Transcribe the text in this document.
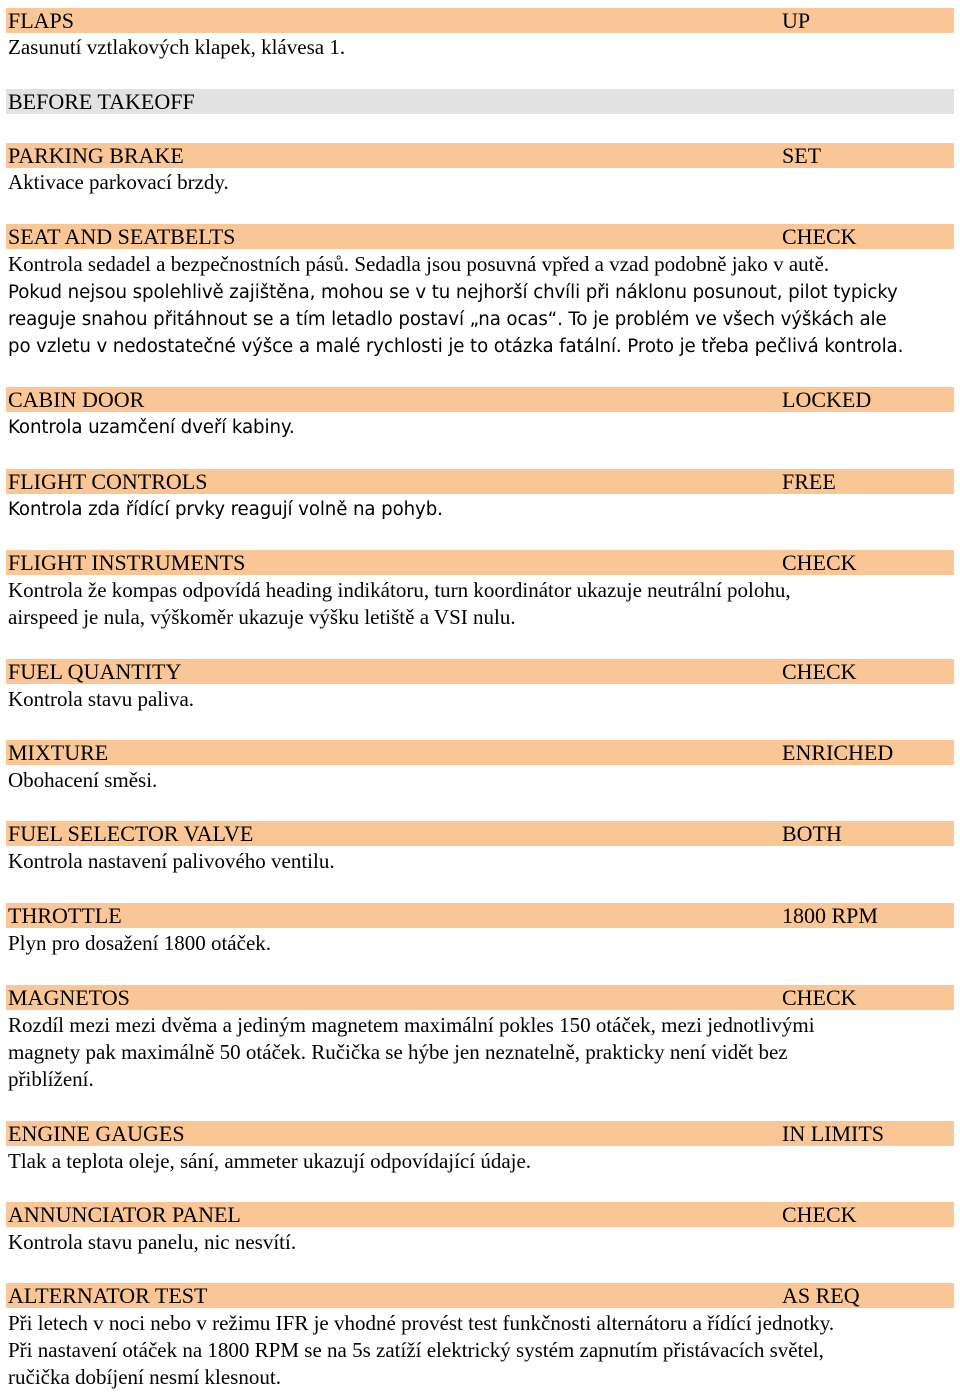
FLAPS	UP
Zasunutí vztlakových klapek, klávesa 1.
BEFORE TAKEOFF
PARKING BRAKE	SET
Aktivace parkovací brzdy.
SEAT AND SEATBELTS	CHECK
Kontrola sedadel a bezpečnostních pásů. Sedadla jsou posuvná vpřed a vzad podobně jako v autě.
Pokud nejsou spolehlivě zajištěna, mohou se v tu nejhorší chvíli při náklonu posunout, pilot typicky
reaguje snahou přitáhnout se a tím letadlo postaví „na ocas“. To je problém ve všech výškách ale
po vzletu v nedostatečné výšce a malé rychlosti je to otázka fatální. Proto je třeba pečlivá kontrola.
CABIN DOOR	LOCKED
Kontrola uzamčení dveří kabiny.
FLIGHT CONTROLS	FREE
Kontrola zda řídící prvky reagují volně na pohyb.
FLIGHT INSTRUMENTS	CHECK
Kontrola že kompas odpovídá heading indikátoru, turn koordinátor ukazuje neutrální polohu,
airspeed je nula, výškoměr ukazuje výšku letiště a VSI nulu.
FUEL QUANTITY	CHECK
Kontrola stavu paliva.
MIXTURE	ENRICHED
Obohacení směsi.
FUEL SELECTOR VALVE	BOTH
Kontrola nastavení palivového ventilu.
THROTTLE	1800 RPM
Plyn pro dosažení 1800 otáček.
MAGNETOS	CHECK
Rozdíl mezi mezi dvěma a jediným magnetem maximální pokles 150 otáček, mezi jednotlivými
magnety pak maximálně 50 otáček. Ručička se hýbe jen neznatelně, prakticky není vidět bez
přiblížení.
ENGINE GAUGES	IN LIMITS
Tlak a teplota oleje, sání, ammeter ukazují odpovídající údaje.
ANNUNCIATOR PANEL	CHECK
Kontrola stavu panelu, nic nesvítí.
ALTERNATOR TEST	AS REQ
Při letech v noci nebo v režimu IFR je vhodné provést test funkčnosti alternátoru a řídící jednotky.
Při nastavení otáček na 1800 RPM se na 5s zatíží elektrický systém zapnutím přistávacích světel,
ručička dobíjení nesmí klesnout.
